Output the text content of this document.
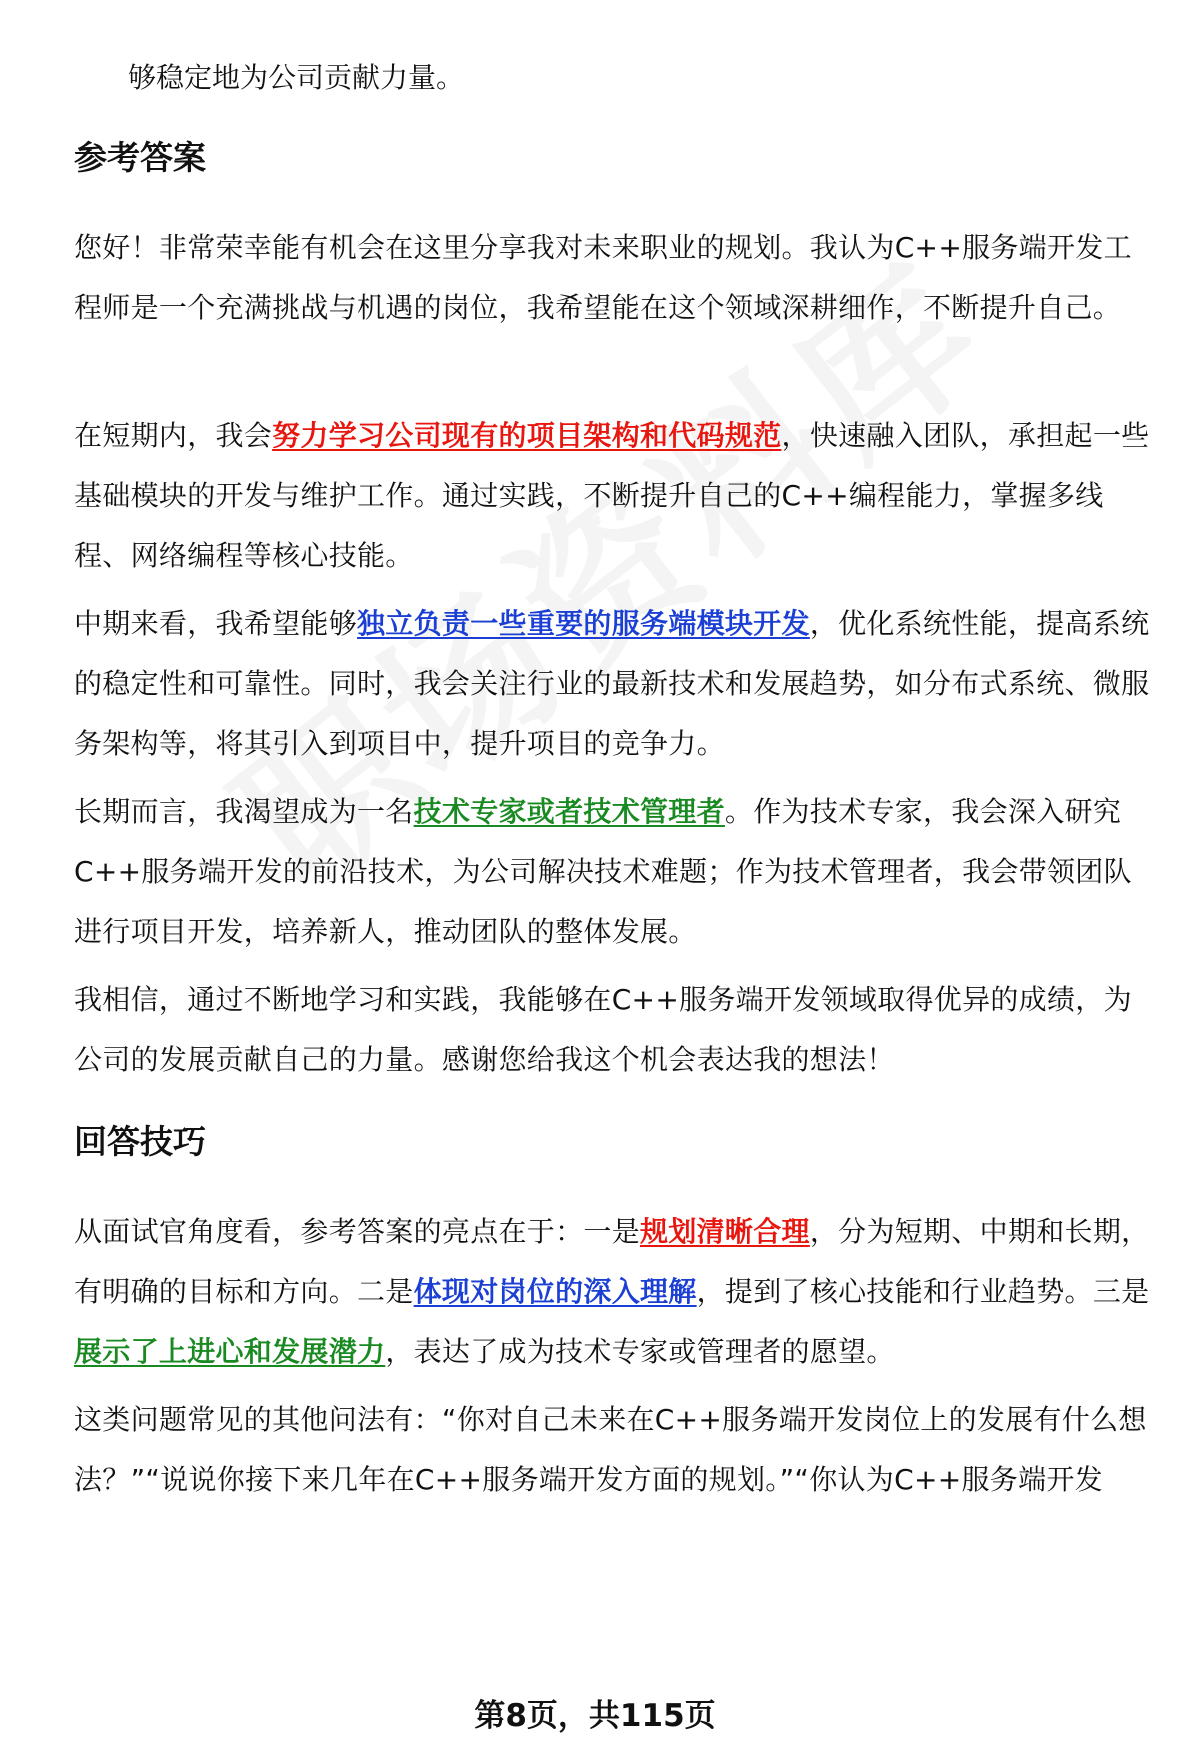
够稳定地为公司贡献力量。
参考答案

您好！非常荣幸能有机会在这里分享我对未来职业的规划。我认为C++服务端开发工程师是一个充满挑战与机遇的岗位，我希望能在这个领域深耕细作，不断提升自己。

在短期内，我会努力学习公司现有的项目架构和代码规范，快速融入团队，承担起一些基础模块的开发与维护工作。通过实践，不断提升自己的C++编程能力，掌握多线程、网络编程等核心技能。

中期来看，我希望能够独立负责一些重要的服务端模块开发，优化系统性能，提高系统的稳定性和可靠性。同时，我会关注行业的最新技术和发展趋势，如分布式系统、微服务架构等，将其引入到项目中，提升项目的竞争力。

长期而言，我渴望成为一名技术专家或者技术管理者。作为技术专家，我会深入研究C++服务端开发的前沿技术，为公司解决技术难题；作为技术管理者，我会带领团队进行项目开发，培养新人，推动团队的整体发展。

我相信，通过不断地学习和实践，我能够在C++服务端开发领域取得优异的成绩，为公司的发展贡献自己的力量。感谢您给我这个机会表达我的想法！

回答技巧

从面试官角度看，参考答案的亮点在于：一是规划清晰合理，分为短期、中期和长期，有明确的目标和方向。二是体现对岗位的深入理解，提到了核心技能和行业趋势。三是展示了上进心和发展潜力，表达了成为技术专家或管理者的愿望。

这类问题常见的其他问法有：“你对自己未来在C++服务端开发岗位上的发展有什么想法？”“说说你接下来几年在C++服务端开发方面的规划。”“你认为C++服务端开发

第8页，共115页
